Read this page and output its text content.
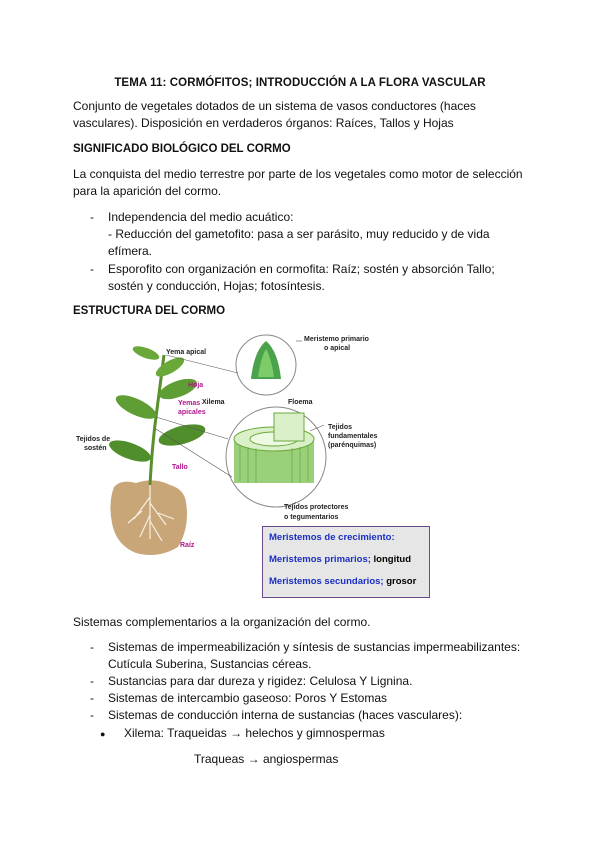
TEMA 11: CORMÓFITOS; INTRODUCCIÓN A LA FLORA VASCULAR
Conjunto de vegetales dotados de un sistema de vasos conductores (haces
vasculares). Disposición en verdaderos órganos: Raíces, Tallos y Hojas
SIGNIFICADO BIOLÓGICO DEL CORMO
La conquista del medio terrestre por parte de los vegetales como motor de selección
para la aparición del cormo.
- Independencia del medio acuático:
- Reducción del gametofito: pasa a ser parásito, muy reducido y de vida
efímera.
- Esporofito con organización en cormofita: Raíz; sostén y absorción Tallo;
sostén y conducción, Hojas; fotosíntesis.
ESTRUCTURA DEL CORMO
Yema apical
Hoja
Yemas
apicales
Tejidos de
sostén
Tallo
Raíz
Meristemo primario
o apical
Xilema	Floema
Tejidos
fundamentales
(parénquimas)
Tejidos protectores
o tegumentarios
Meristemos de crecimiento:
Meristemos primarios; longitud
Meristemos secundarios; grosor
Sistemas complementarios a la organización del cormo.
- Sistemas de impermeabilización y síntesis de sustancias impermeabilizantes:
Cutícula Suberina, Sustancias céreas.
- Sustancias para dar dureza y rigidez: Celulosa Y Lignina.
- Sistemas de intercambio gaseoso: Poros Y Estomas
- Sistemas de conducción interna de sustancias (haces vasculares):
● Xilema: Traqueidas → helechos y gimnospermas
Traqueas → angiospermas
